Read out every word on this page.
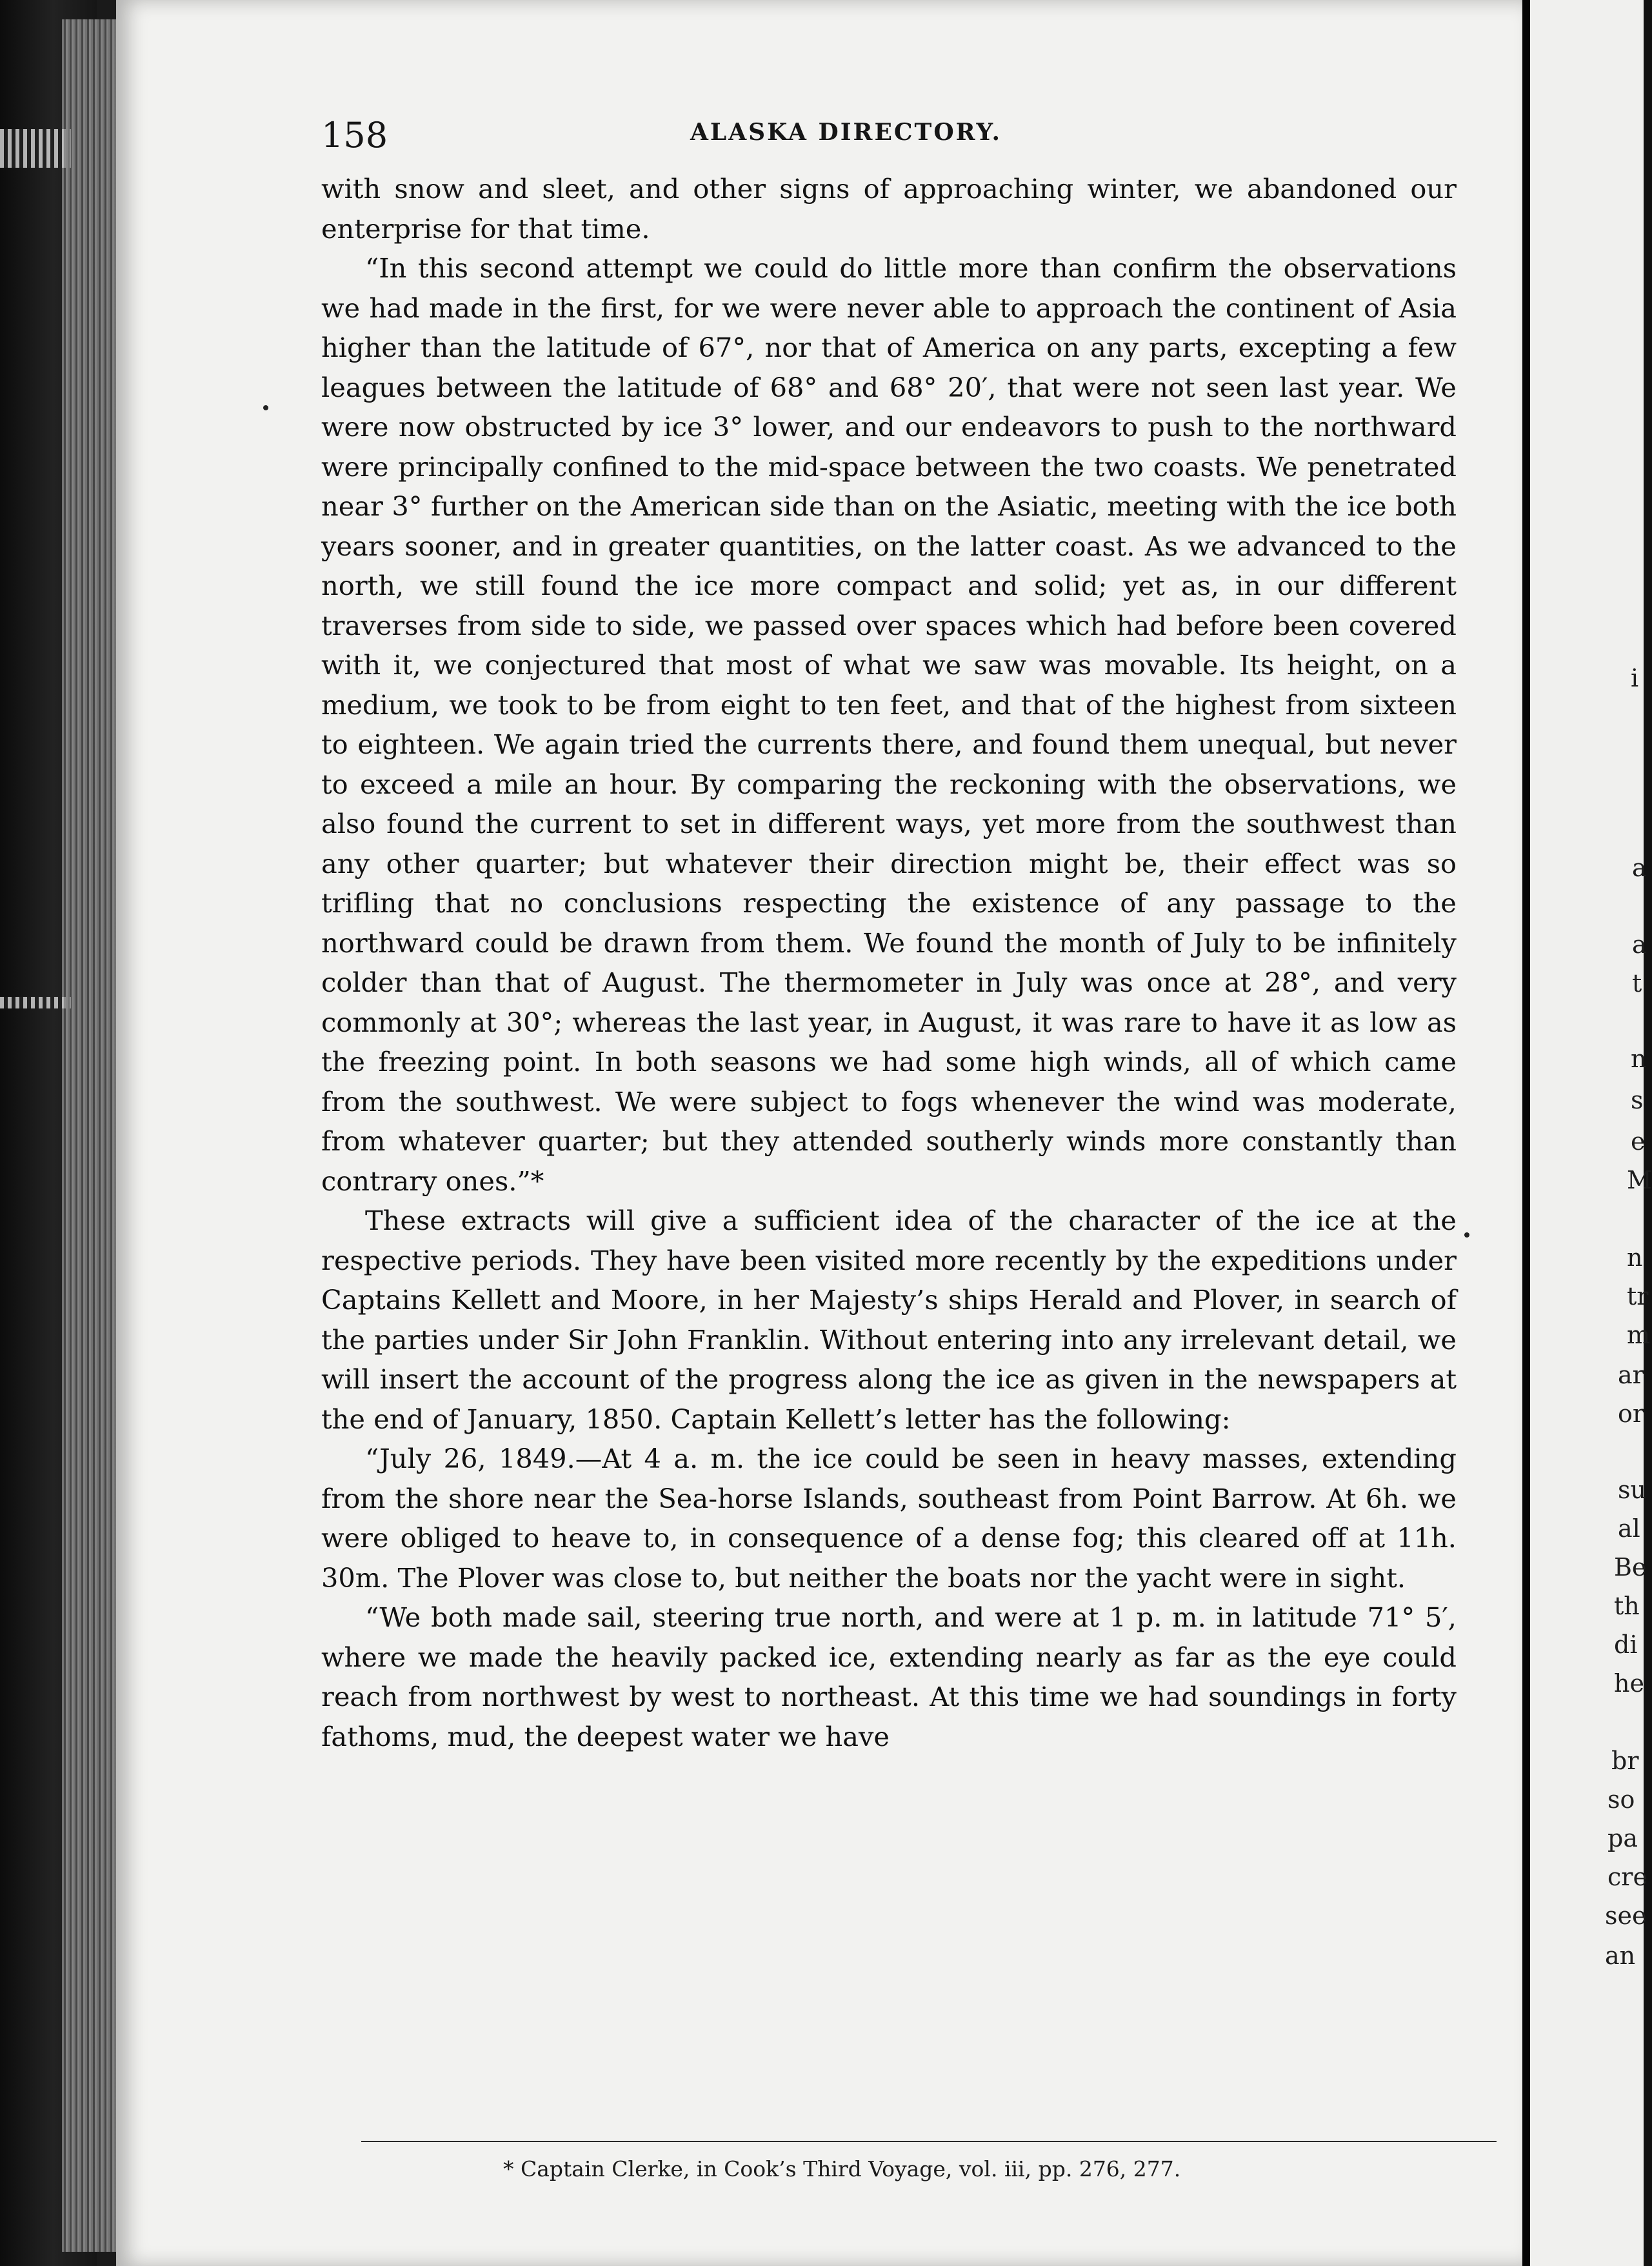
158	ALASKA DIRECTORY.

with snow and sleet, and other signs of approaching winter, we abandoned our enterprise for that time.

“In this second attempt we could do little more than confirm the observations we had made in the first, for we were never able to approach the continent of Asia higher than the latitude of 67°, nor that of America on any parts, excepting a few leagues between the latitude of 68° and 68° 20′, that were not seen last year. We were now obstructed by ice 3° lower, and our endeavors to push to the northward were principally confined to the mid-space between the two coasts. We penetrated near 3° further on the American side than on the Asiatic, meeting with the ice both years sooner, and in greater quantities, on the latter coast. As we advanced to the north, we still found the ice more compact and solid; yet as, in our different traverses from side to side, we passed over spaces which had before been covered with it, we conjectured that most of what we saw was movable. Its height, on a medium, we took to be from eight to ten feet, and that of the highest from sixteen to eighteen. We again tried the currents there, and found them unequal, but never to exceed a mile an hour. By comparing the reckoning with the observations, we also found the current to set in different ways, yet more from the southwest than any other quarter; but whatever their direction might be, their effect was so trifling that no conclusions respecting the existence of any passage to the northward could be drawn from them. We found the month of July to be infinitely colder than that of August. The thermometer in July was once at 28°, and very commonly at 30°; whereas the last year, in August, it was rare to have it as low as the freezing point. In both seasons we had some high winds, all of which came from the southwest. We were subject to fogs whenever the wind was moderate, from whatever quarter; but they attended southerly winds more constantly than contrary ones.”*

These extracts will give a sufficient idea of the character of the ice at the respective periods. They have been visited more recently by the expeditions under Captains Kellett and Moore, in her Majesty’s ships Herald and Plover, in search of the parties under Sir John Franklin. Without entering into any irrelevant detail, we will insert the account of the progress along the ice as given in the newspapers at the end of January, 1850. Captain Kellett’s letter has the following:

“July 26, 1849.—At 4 a. m. the ice could be seen in heavy masses, extending from the shore near the Sea-horse Islands, southeast from Point Barrow. At 6h. we were obliged to heave to, in consequence of a dense fog; this cleared off at 11h. 30m. The Plover was close to, but neither the boats nor the yacht were in sight.

“We both made sail, steering true north, and were at 1 p. m. in latitude 71° 5′, where we made the heavily packed ice, extending nearly as far as the eye could reach from northwest by west to northeast. At this time we had soundings in forty fathoms, mud, the deepest water we have

* Captain Clerke, in Cook’s Third Voyage, vol. iii, pp. 276, 277.
i
a
a
t
n
s
e
M
n
tr
m
ar
or
su
al
Be
th
di
he
br
so
pa
cre
see
an
